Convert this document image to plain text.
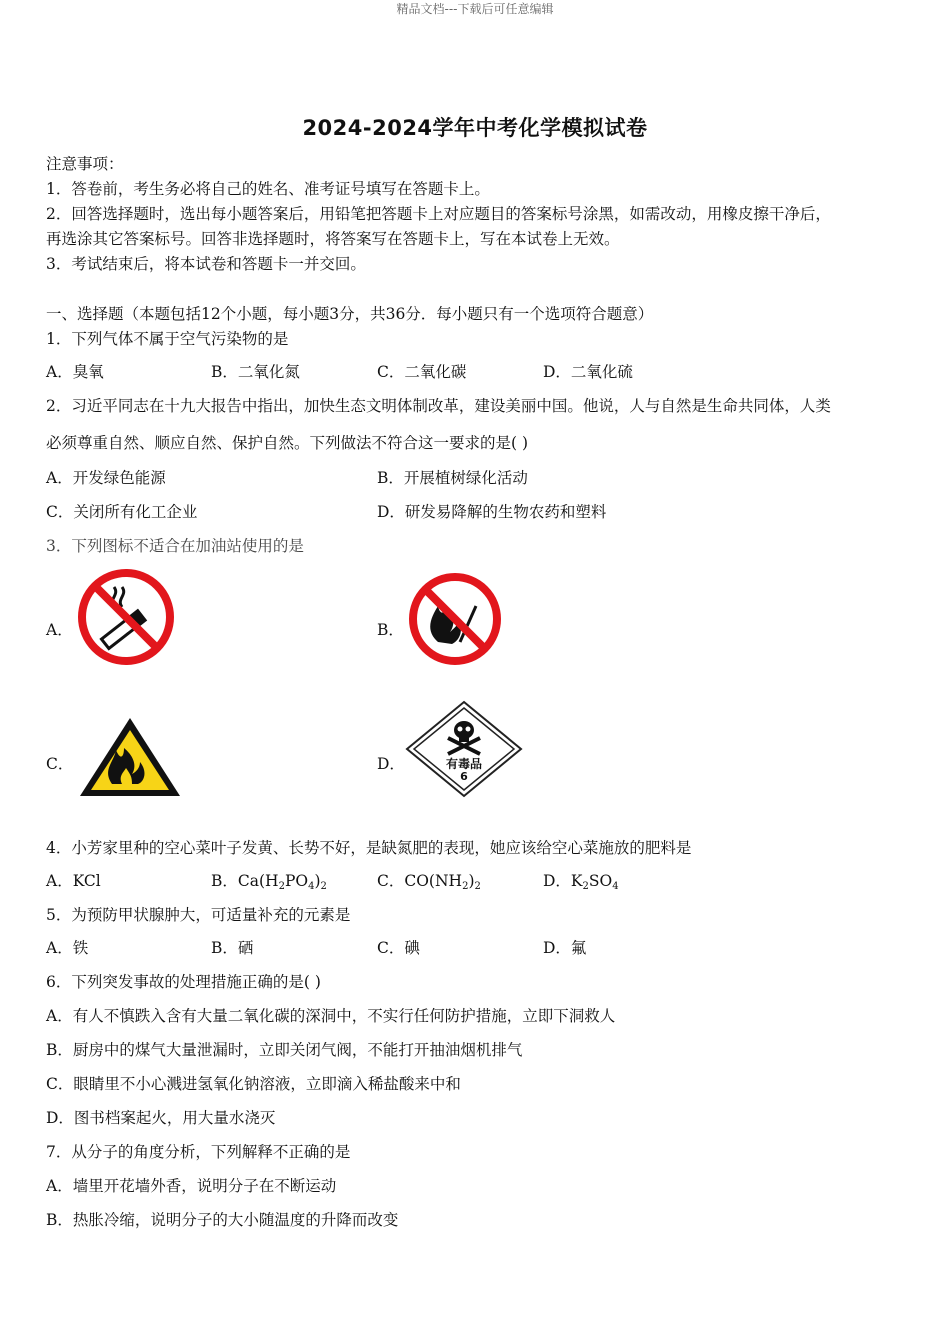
精品文档---下载后可任意编辑
2024-2024学年中考化学模拟试卷
注意事项：
1．答卷前，考生务必将自己的姓名、准考证号填写在答题卡上。
2．回答选择题时，选出每小题答案后，用铅笔把答题卡上对应题目的答案标号涂黑，如需改动，用橡皮擦干净后，
再选涂其它答案标号。回答非选择题时，将答案写在答题卡上，写在本试卷上无效。
3．考试结束后，将本试卷和答题卡一并交回。
一、选择题（本题包括12个小题，每小题3分，共36分．每小题只有一个选项符合题意）
1．下列气体不属于空气污染物的是
A．臭氧	B．二氧化氮	C．二氧化碳	D．二氧化硫
2．习近平同志在十九大报告中指出，加快生态文明体制改革，建设美丽中国。他说，人与自然是生命共同体，人类
必须尊重自然、顺应自然、保护自然。下列做法不符合这一要求的是( )
A．开发绿色能源	B．开展植树绿化活动
C．关闭所有化工企业	D．研发易降解的生物农药和塑料
3．下列图标不适合在加油站使用的是
A．	B．
C．	D．	有毒品
6
4．小芳家里种的空心菜叶子发黄、长势不好，是缺氮肥的表现，她应该给空心菜施放的肥料是
A．KCl	B．$Ca(H_2PO_4)_2$	C．$CO(NH_2)_2$	D．$K_2SO_4$
5．为预防甲状腺肿大，可适量补充的元素是
A．铁	B．硒	C．碘	D．氟
6．下列突发事故的处理措施正确的是( )
A．有人不慎跌入含有大量二氧化碳的深洞中，不实行任何防护措施，立即下洞救人
B．厨房中的煤气大量泄漏时，立即关闭气阀，不能打开抽油烟机排气
C．眼睛里不小心溅进氢氧化钠溶液，立即滴入稀盐酸来中和
D．图书档案起火，用大量水浇灭
7．从分子的角度分析，下列解释不正确的是
A．墙里开花墙外香，说明分子在不断运动
B．热胀冷缩，说明分子的大小随温度的升降而改变
